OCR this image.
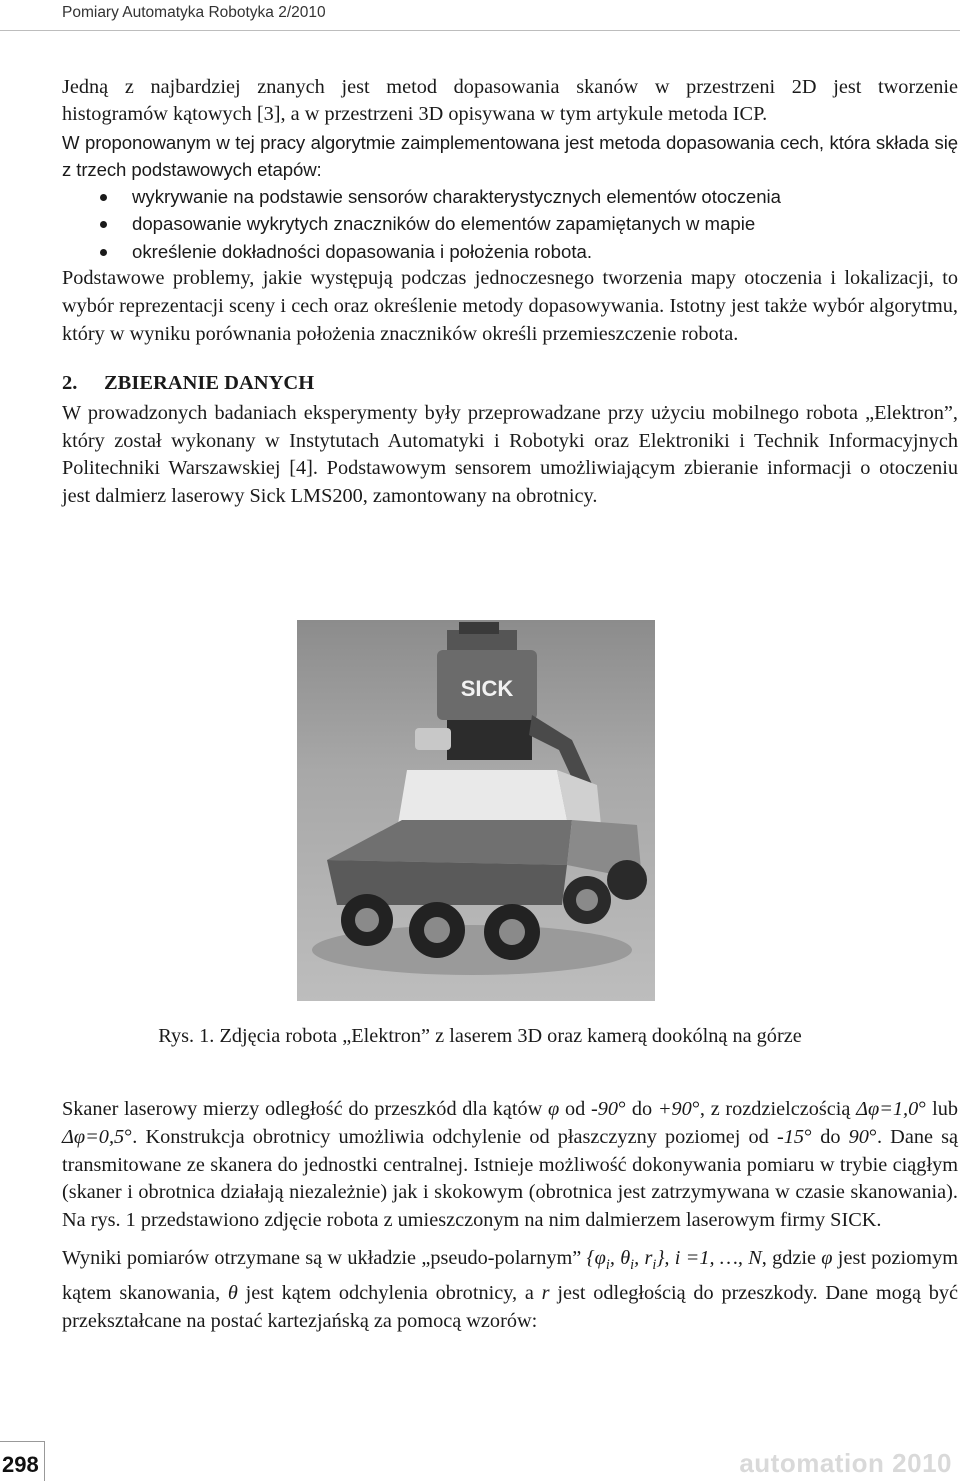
Pomiary Automatyka Robotyka 2/2010

Jedną z najbardziej znanych jest metod dopasowania skanów w przestrzeni 2D jest tworzenie

histogramów kątowych [3], a w przestrzeni 3D opisywana w tym artykule metoda ICP.

W proponowanym w tej pracy algorytmie zaimplementowana jest metoda dopasowania cech, która składa się z trzech podstawowych etapów:

wykrywanie na podstawie sensorów charakterystycznych elementów otoczenia
dopasowanie wykrytych znaczników do elementów zapamiętanych w mapie
określenie dokładności dopasowania i położenia robota.

Podstawowe problemy, jakie występują podczas jednoczesnego tworzenia mapy otoczenia i lokalizacji, to wybór reprezentacji sceny i cech oraz określenie metody dopasowywania. Istotny jest także wybór algorytmu, który w wyniku porównania położenia znaczników określi przemieszczenie robota.

2. ZBIERANIE DANYCH

W prowadzonych badaniach eksperymenty były przeprowadzane przy użyciu mobilnego robota „Elektron”, który został wykonany w Instytutach Automatyki i Robotyki oraz Elektroniki i Technik Informacyjnych Politechniki Warszawskiej [4]. Podstawowym sensorem umożliwiającym zbieranie informacji o otoczeniu jest dalmierz laserowy Sick LMS200, zamontowany na obrotnicy.

SICK
Rys. 1. Zdjęcia robota „Elektron” z laserem 3D oraz kamerą dookólną na górze

Skaner laserowy mierzy odległość do przeszkód dla kątów φ od -90° do +90°, z rozdzielczością Δφ=1,0° lub Δφ=0,5°. Konstrukcja obrotnicy umożliwia odchylenie od płaszczyzny poziomej od -15° do 90°. Dane są transmitowane ze skanera do jednostki centralnej. Istnieje możliwość dokonywania pomiaru w trybie ciągłym (skaner i obrotnica działają niezależnie) jak i skokowym (obrotnica jest zatrzymywana w czasie skanowania). Na rys. 1 przedstawiono zdjęcie robota z umieszczonym na nim dalmierzem laserowym firmy SICK.

Wyniki pomiarów otrzymane są w układzie „pseudo-polarnym” {$\varphi_i$, $\theta_i$, $r_i$}, i =1, …, N, gdzie φ jest poziomym kątem skanowania, θ jest kątem odchylenia obrotnicy, a r jest odległością do przeszkody. Dane mogą być przekształcane na postać kartezjańską za pomocą wzorów:

298	automation 2010
